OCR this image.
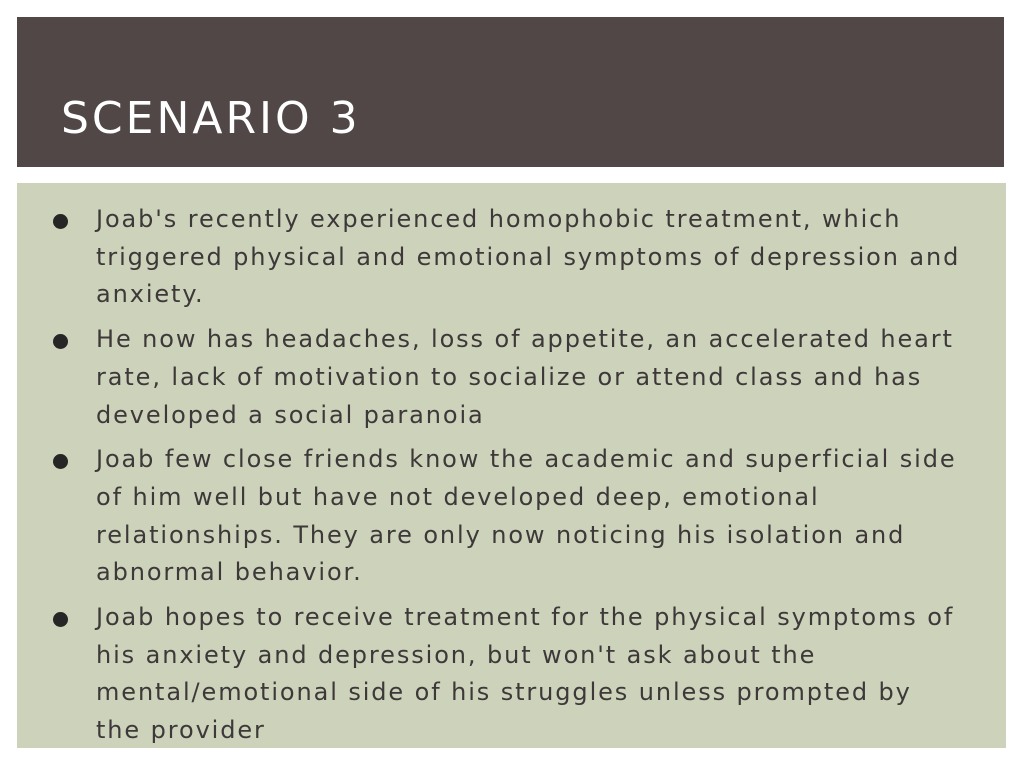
SCENARIO 3
Joab's recently experienced homophobic treatment, which triggered physical and emotional symptoms of depression and anxiety.
He now has headaches, loss of appetite, an accelerated heart rate, lack of motivation to socialize or attend class and has developed a social paranoia
Joab few close friends know the academic and superficial side of him well but have not developed deep, emotional relationships. They are only now noticing his isolation and abnormal behavior.
Joab hopes to receive treatment for the physical symptoms of his anxiety and depression, but won't ask about the mental/emotional side of his struggles unless prompted by the provider
